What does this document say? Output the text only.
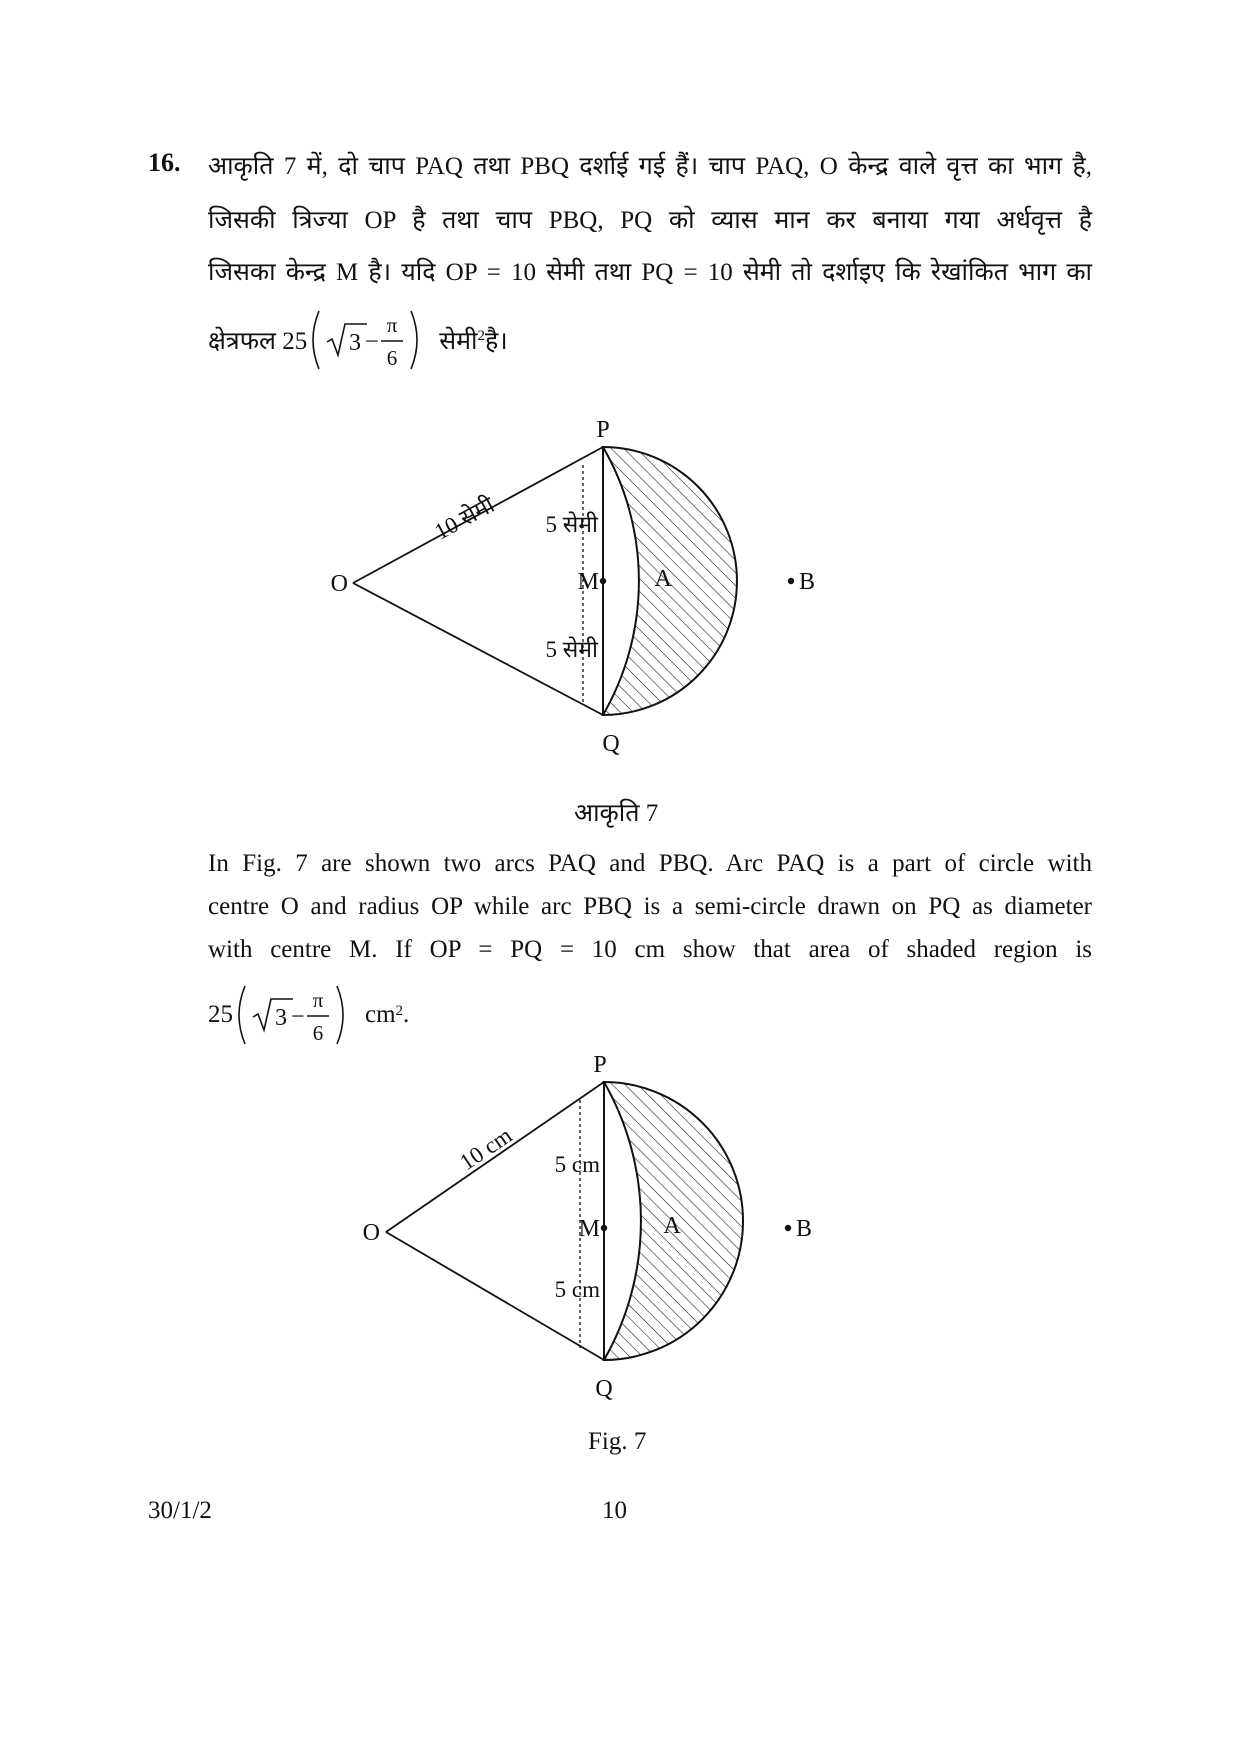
16. आकृति 7 में, दो चाप PAQ तथा PBQ दर्शाई गई हैं। चाप PAQ, O केन्द्र वाले वृत्त का भाग है,
जिसकी त्रिज्या OP है तथा चाप PBQ, PQ को व्यास मान कर बनाया गया अर्धवृत्त है
जिसका केन्द्र M है। यदि OP = 10 सेमी तथा PQ = 10 सेमी तो दर्शाइए कि रेखांकित भाग का
क्षेत्रफल 25 3 −
π
6
सेमी$^2$ है।
P
Q
O	M A	B
10 सेमी 5 सेमी
5 सेमी
आकृति 7
In Fig. 7 are shown two arcs PAQ and PBQ. Arc PAQ is a part of circle with
centre O and radius OP while arc PBQ is a semi-circle drawn on PQ as diameter
with centre M. If OP = PQ = 10 cm show that area of shaded region is
25 3 −
π
6
$cm^2$ .
P
Q
O	M	A	B
10 cm 5 cm
5 cm
Fig. 7
30/1/2	10
